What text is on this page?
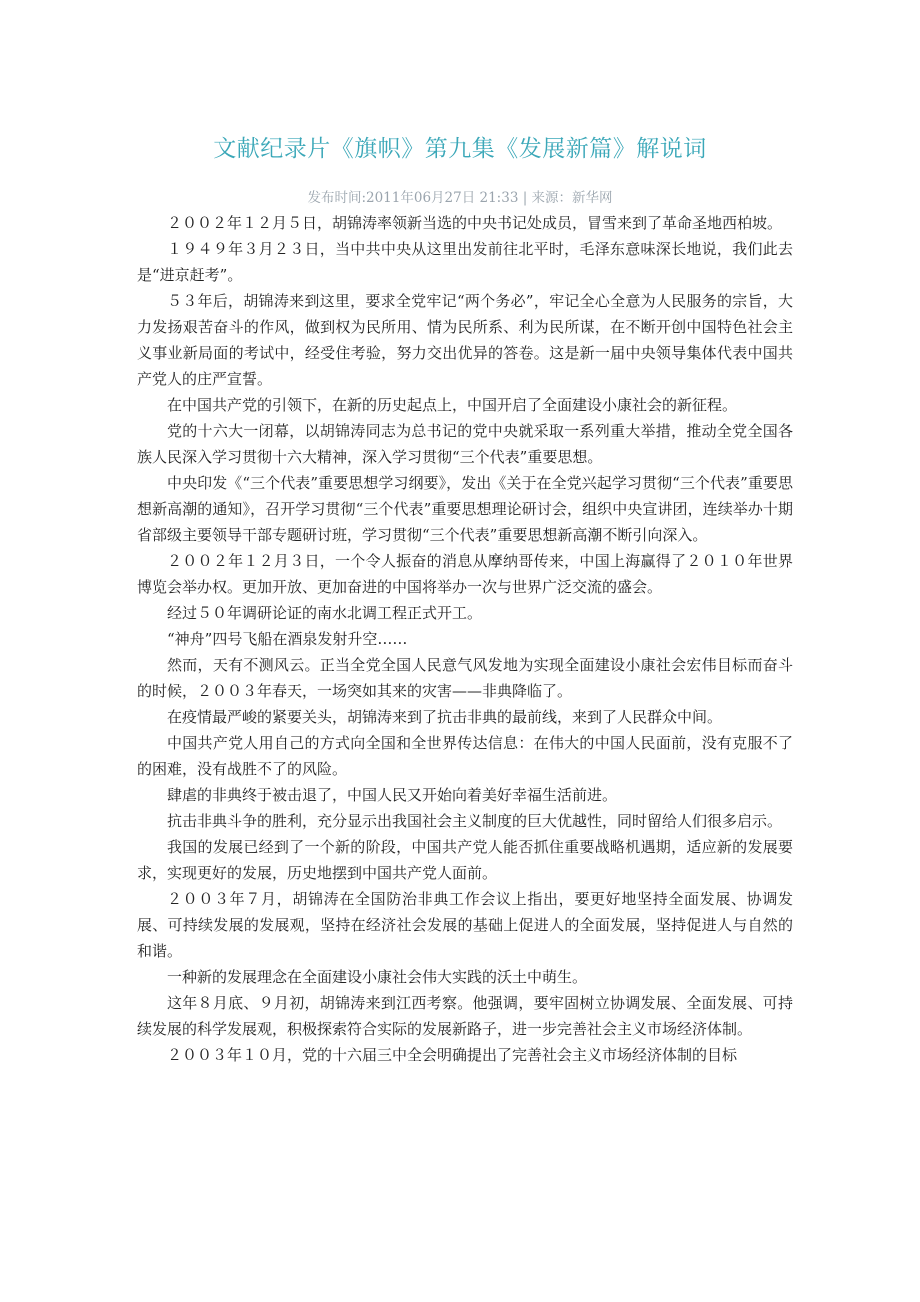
文献纪录片《旗帜》第九集《发展新篇》解说词
发布时间:2011年06月27日 21:33 | 来源：新华网

２００２年１２月５日，胡锦涛率领新当选的中央书记处成员，冒雪来到了革命圣地西柏坡。

１９４９年３月２３日，当中共中央从这里出发前往北平时，毛泽东意味深长地说，我们此去是“进京赶考”。

５３年后，胡锦涛来到这里，要求全党牢记“两个务必”，牢记全心全意为人民服务的宗旨，大力发扬艰苦奋斗的作风，做到权为民所用、情为民所系、利为民所谋，在不断开创中国特色社会主义事业新局面的考试中，经受住考验，努力交出优异的答卷。这是新一届中央领导集体代表中国共产党人的庄严宣誓。

在中国共产党的引领下，在新的历史起点上，中国开启了全面建设小康社会的新征程。

党的十六大一闭幕，以胡锦涛同志为总书记的党中央就采取一系列重大举措，推动全党全国各族人民深入学习贯彻十六大精神，深入学习贯彻“三个代表”重要思想。

中央印发《“三个代表”重要思想学习纲要》，发出《关于在全党兴起学习贯彻“三个代表”重要思想新高潮的通知》，召开学习贯彻“三个代表”重要思想理论研讨会，组织中央宣讲团，连续举办十期省部级主要领导干部专题研讨班，学习贯彻“三个代表”重要思想新高潮不断引向深入。

２００２年１２月３日，一个令人振奋的消息从摩纳哥传来，中国上海赢得了２０１０年世界博览会举办权。更加开放、更加奋进的中国将举办一次与世界广泛交流的盛会。

经过５０年调研论证的南水北调工程正式开工。

“神舟”四号飞船在酒泉发射升空……

然而，天有不测风云。正当全党全国人民意气风发地为实现全面建设小康社会宏伟目标而奋斗的时候，２００３年春天，一场突如其来的灾害——非典降临了。

在疫情最严峻的紧要关头，胡锦涛来到了抗击非典的最前线，来到了人民群众中间。

中国共产党人用自己的方式向全国和全世界传达信息：在伟大的中国人民面前，没有克服不了的困难，没有战胜不了的风险。

肆虐的非典终于被击退了，中国人民又开始向着美好幸福生活前进。

抗击非典斗争的胜利，充分显示出我国社会主义制度的巨大优越性，同时留给人们很多启示。

我国的发展已经到了一个新的阶段，中国共产党人能否抓住重要战略机遇期，适应新的发展要求，实现更好的发展，历史地摆到中国共产党人面前。

２００３年７月，胡锦涛在全国防治非典工作会议上指出，要更好地坚持全面发展、协调发展、可持续发展的发展观，坚持在经济社会发展的基础上促进人的全面发展，坚持促进人与自然的和谐。

一种新的发展理念在全面建设小康社会伟大实践的沃土中萌生。

这年８月底、９月初，胡锦涛来到江西考察。他强调，要牢固树立协调发展、全面发展、可持续发展的科学发展观，积极探索符合实际的发展新路子，进一步完善社会主义市场经济体制。

２００３年１０月，党的十六届三中全会明确提出了完善社会主义市场经济体制的目标
